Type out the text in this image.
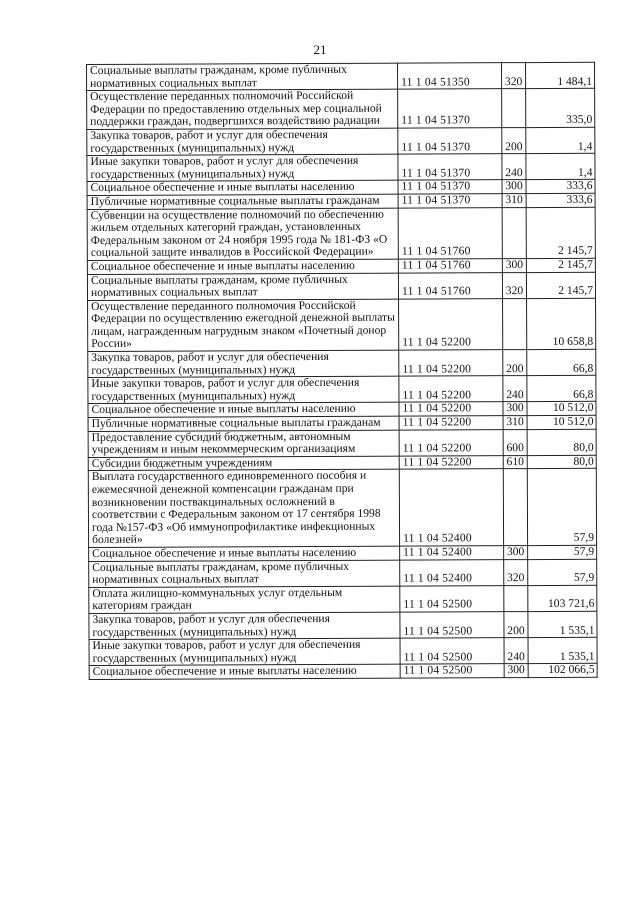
21
Социальные выплаты гражданам, кроме публичных нормативных социальных выплат	11 1 04 51350	320	1 484,1
Осуществление переданных полномочий Российской Федерации по предоставлению отдельных мер социальной поддержки граждан, подвергшихся воздействию радиации	11 1 04 51370		335,0
Закупка товаров, работ и услуг для обеспечения государственных (муниципальных) нужд	11 1 04 51370	200	1,4
Иные закупки товаров, работ и услуг для обеспечения государственных (муниципальных) нужд	11 1 04 51370	240	1,4
Социальное обеспечение и иные выплаты населению	11 1 04 51370	300	333,6
Публичные нормативные социальные выплаты гражданам	11 1 04 51370	310	333,6
Субвенции на осуществление полномочий по обеспечению жильем отдельных категорий граждан, установленных Федеральным законом от 24 ноября 1995 года № 181-ФЗ «О социальной защите инвалидов в Российской Федерации»	11 1 04 51760		2 145,7
Социальное обеспечение и иные выплаты населению	11 1 04 51760	300	2 145,7
Социальные выплаты гражданам, кроме публичных нормативных социальных выплат	11 1 04 51760	320	2 145,7
Осуществление переданного полномочия Российской Федерации по осуществлению ежегодной денежной выплаты лицам, награжденным нагрудным знаком «Почетный донор России»	11 1 04 52200		10 658,8
Закупка товаров, работ и услуг для обеспечения государственных (муниципальных) нужд	11 1 04 52200	200	66,8
Иные закупки товаров, работ и услуг для обеспечения государственных (муниципальных) нужд	11 1 04 52200	240	66,8
Социальное обеспечение и иные выплаты населению	11 1 04 52200	300	10 512,0
Публичные нормативные социальные выплаты гражданам	11 1 04 52200	310	10 512,0
Предоставление субсидий бюджетным, автономным учреждениям и иным некоммерческим организациям	11 1 04 52200	600	80,0
Субсидии бюджетным учреждениям	11 1 04 52200	610	80,0
Выплата государственного единовременного пособия и ежемесячной денежной компенсации гражданам при возникновении поствакцинальных осложнений в соответствии с Федеральным законом от 17 сентября 1998 года №157-ФЗ «Об иммунопрофилактике инфекционных болезней»	11 1 04 52400		57,9
Социальное обеспечение и иные выплаты населению	11 1 04 52400	300	57,9
Социальные выплаты гражданам, кроме публичных нормативных социальных выплат	11 1 04 52400	320	57,9
Оплата жилищно-коммунальных услуг отдельным категориям граждан	11 1 04 52500		103 721,6
Закупка товаров, работ и услуг для обеспечения государственных (муниципальных) нужд	11 1 04 52500	200	1 535,1
Иные закупки товаров, работ и услуг для обеспечения государственных (муниципальных) нужд	11 1 04 52500	240	1 535,1
Социальное обеспечение и иные выплаты населению	11 1 04 52500	300	102 066,5
